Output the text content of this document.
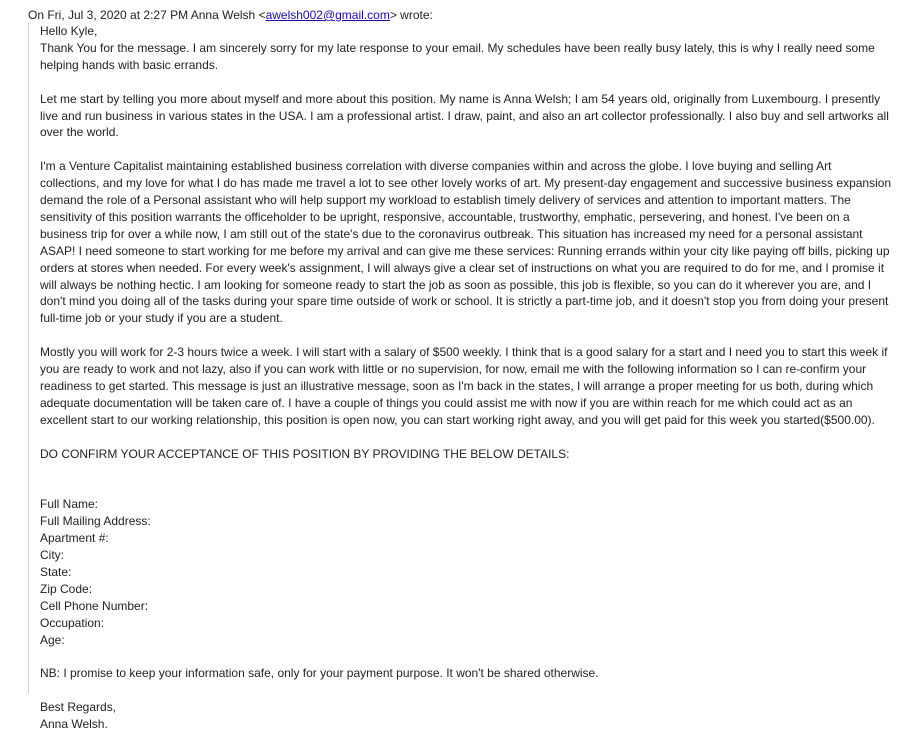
On Fri, Jul 3, 2020 at 2:27 PM Anna Welsh <awelsh002@gmail.com> wrote:

Hello Kyle,

Thank You for the message. I am sincerely sorry for my late response to your email. My schedules have been really busy lately, this is why I really need some helping hands with basic errands.

Let me start by telling you more about myself and more about this position. My name is Anna Welsh; I am 54 years old, originally from Luxembourg. I presently live and run business in various states in the USA. I am a professional artist. I draw, paint, and also an art collector professionally. I also buy and sell artworks all over the world.

I'm a Venture Capitalist maintaining established business correlation with diverse companies within and across the globe. I love buying and selling Art collections, and my love for what I do has made me travel a lot to see other lovely works of art. My present-day engagement and successive business expansion demand the role of a Personal assistant who will help support my workload to establish timely delivery of services and attention to important matters. The sensitivity of this position warrants the officeholder to be upright, responsive, accountable, trustworthy, emphatic, persevering, and honest. I've been on a business trip for over a while now, I am still out of the state's due to the coronavirus outbreak. This situation has increased my need for a personal assistant ASAP! I need someone to start working for me before my arrival and can give me these services: Running errands within your city like paying off bills, picking up orders at stores when needed. For every week's assignment, I will always give a clear set of instructions on what you are required to do for me, and I promise it will always be nothing hectic. I am looking for someone ready to start the job as soon as possible, this job is flexible, so you can do it wherever you are, and I don't mind you doing all of the tasks during your spare time outside of work or school. It is strictly a part-time job, and it doesn't stop you from doing your present full-time job or your study if you are a student.

Mostly you will work for 2-3 hours twice a week. I will start with a salary of $500 weekly. I think that is a good salary for a start and I need you to start this week if you are ready to work and not lazy, also if you can work with little or no supervision, for now, email me with the following information so I can re-confirm your readiness to get started. This message is just an illustrative message, soon as I'm back in the states, I will arrange a proper meeting for us both, during which adequate documentation will be taken care of. I have a couple of things you could assist me with now if you are within reach for me which could act as an excellent start to our working relationship, this position is open now, you can start working right away, and you will get paid for this week you started($500.00).

DO CONFIRM YOUR ACCEPTANCE OF THIS POSITION BY PROVIDING THE BELOW DETAILS:

Full Name:
Full Mailing Address:
Apartment #:
City:
State:
Zip Code:
Cell Phone Number:
Occupation:
Age:

NB: I promise to keep your information safe, only for your payment purpose. It won't be shared otherwise.

Best Regards,

Anna Welsh.
